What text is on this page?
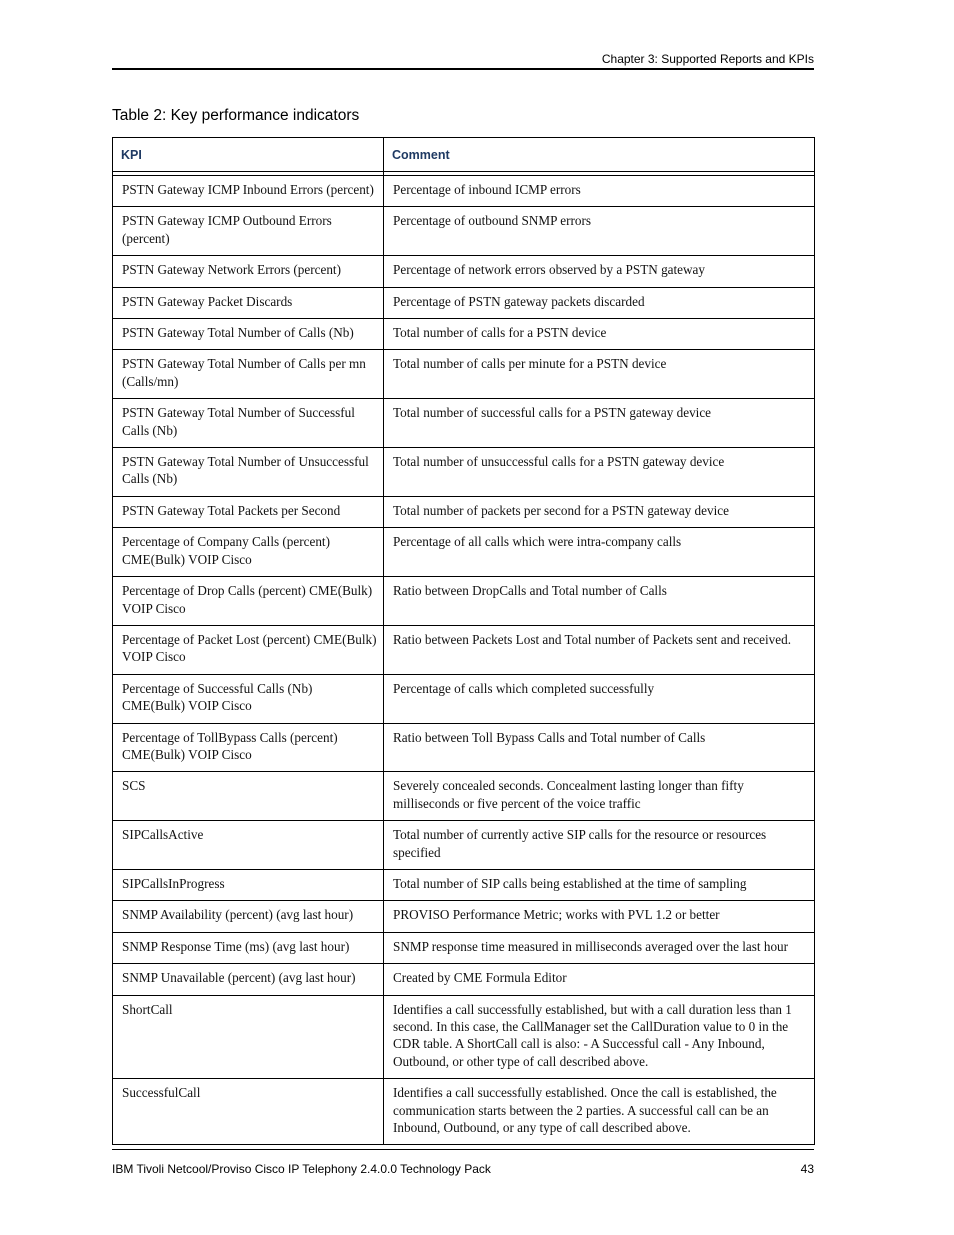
Chapter 3: Supported Reports and KPIs
Table 2: Key performance indicators
KPI	Comment

PSTN Gateway ICMP Inbound Errors (percent)	Percentage of inbound ICMP errors
PSTN Gateway ICMP Outbound Errors (percent)	Percentage of outbound SNMP errors
PSTN Gateway Network Errors (percent)	Percentage of network errors observed by a PSTN gateway
PSTN Gateway Packet Discards	Percentage of PSTN gateway packets discarded
PSTN Gateway Total Number of Calls (Nb)	Total number of calls for a PSTN device
PSTN Gateway Total Number of Calls per mn (Calls/mn)	Total number of calls per minute for a PSTN device
PSTN Gateway Total Number of Successful Calls (Nb)	Total number of successful calls for a PSTN gateway device
PSTN Gateway Total Number of Unsuccessful Calls (Nb)	Total number of unsuccessful calls for a PSTN gateway device
PSTN Gateway Total Packets per Second	Total number of packets per second for a PSTN gateway device
Percentage of Company Calls (percent) CME(Bulk) VOIP Cisco	Percentage of all calls which were intra-company calls
Percentage of Drop Calls (percent) CME(Bulk) VOIP Cisco	Ratio between DropCalls and Total number of Calls
Percentage of Packet Lost (percent) CME(Bulk) VOIP Cisco	Ratio between Packets Lost and Total number of Packets sent and received.
Percentage of Successful Calls (Nb) CME(Bulk) VOIP Cisco	Percentage of calls which completed successfully
Percentage of TollBypass Calls (percent) CME(Bulk) VOIP Cisco	Ratio between Toll Bypass Calls and Total number of Calls
SCS	Severely concealed seconds. Concealment lasting longer than fifty milliseconds or five percent of the voice traffic
SIPCallsActive	Total number of currently active SIP calls for the resource or resources specified
SIPCallsInProgress	Total number of SIP calls being established at the time of sampling
SNMP Availability (percent) (avg last hour)	PROVISO Performance Metric; works with PVL 1.2 or better
SNMP Response Time (ms) (avg last hour)	SNMP response time measured in milliseconds averaged over the last hour
SNMP Unavailable (percent) (avg last hour)	Created by CME Formula Editor
ShortCall	Identifies a call successfully established, but with a call duration less than 1 second. In this case, the CallManager set the CallDuration value to 0 in the CDR table. A ShortCall call is also: - A Successful call - Any Inbound, Outbound, or other type of call described above.
SuccessfulCall	Identifies a call successfully established. Once the call is established, the communication starts between the 2 parties. A successful call can be an Inbound, Outbound, or any type of call described above.
IBM Tivoli Netcool/Proviso Cisco IP Telephony 2.4.0.0 Technology Pack	43
